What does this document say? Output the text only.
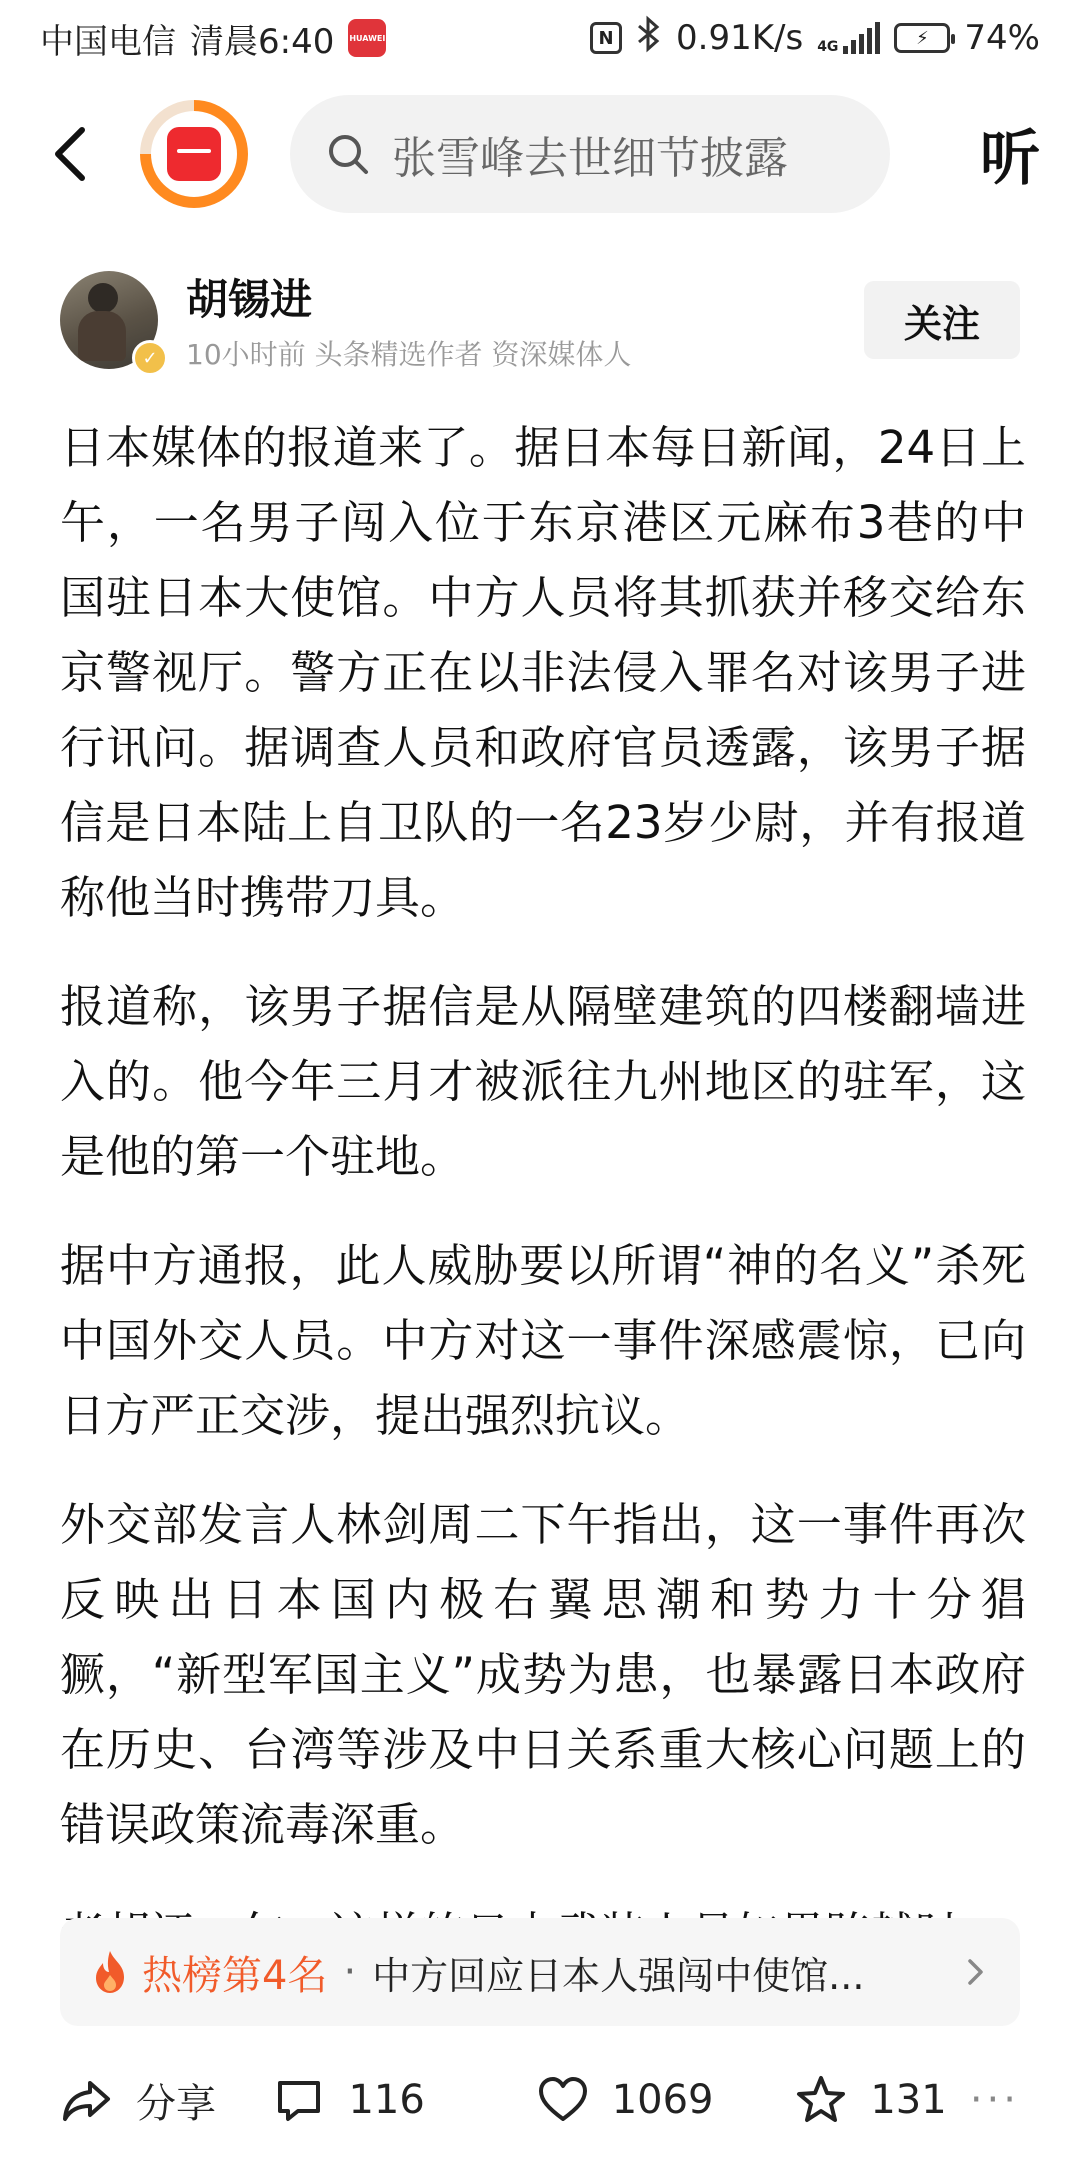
中国电信 清晨6:40 HUAWEI	N 0.91K/s 4G	⚡	74%
张雪峰去世细节披露	听
✓
胡锡进
10小时前 头条精选作者 资深媒体人
关注

日本媒体的报道来了。据日本每日新闻，24日上午，一名男子闯入位于东京港区元麻布3巷的中国驻日本大使馆。中方人员将其抓获并移交给东京警视厅。警方正在以非法侵入罪名对该男子进行讯问。据调查人员和政府官员透露，该男子据信是日本陆上自卫队的一名23岁少尉，并有报道称他当时携带刀具。

报道称，该男子据信是从隔壁建筑的四楼翻墙进入的。他今年三月才被派往九州地区的驻军，这是他的第一个驻地。

据中方通报，此人威胁要以所谓“神的名义”杀死中国外交人员。中方对这一事件深感震惊，已向日方严正交涉，提出强烈抗议。

外交部发言人林剑周二下午指出，这一事件再次反映出日本国内极右翼思潮和势力十分猖獗，“新型军国主义”成势为患，也暴露日本政府在历史、台湾等涉及中日关系重大核心问题上的错误政策流毒深重。

热榜第4名 · 中方回应日本人强闯中使馆...
分享	116	1069	131 ···
